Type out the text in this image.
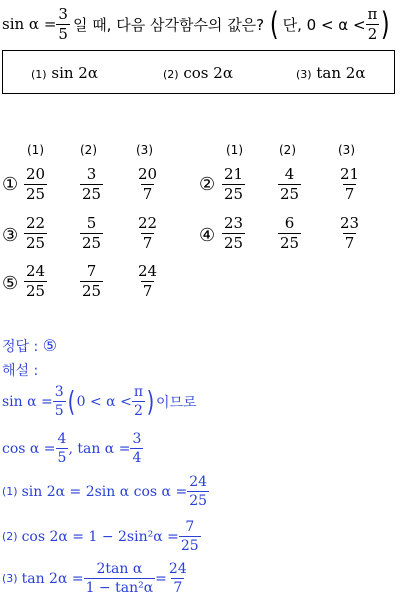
$\sin \alpha = \frac{3}{5}$ 일 때, 다음 삼각함수의 값은? ( 단, $0 < \alpha < \frac{\pi}{2}$ )
(1) sin 2α	(2) cos 2α	(3) tan 2α
(1)	(2)	(3)	(1)	(2)	(3)
① $\frac{20}{25} \frac{3}{25} \frac{20}{7}$ ② $\frac{21}{25} \frac{4}{25} \frac{21}{7}$
③ $\frac{22}{25} \frac{5}{25} \frac{22}{7}$ ④ $\frac{23}{25} \frac{6}{25} \frac{23}{7}$
⑤ $\frac{24}{25} \frac{7}{25} \frac{24}{7}$
정답 : ⑤
해설 :
$\sin \alpha = \frac{3}{5}$ ( $0 < \alpha < \frac{\pi}{2}$ ) 이므로
$\cos \alpha = \frac{4}{5}$ , $\tan \alpha = \frac{3}{4}$
(1) sin 2α = 2sin α $\cos \alpha = \frac{24}{25}$
(2) $\cos 2\alpha = 1 - 2\sin^2\alpha = \frac{7}{25}$
(3) $\tan 2\alpha = \frac{\text{2tan α}}{\text{1 − tan²α}} = \frac{24}{7}$
